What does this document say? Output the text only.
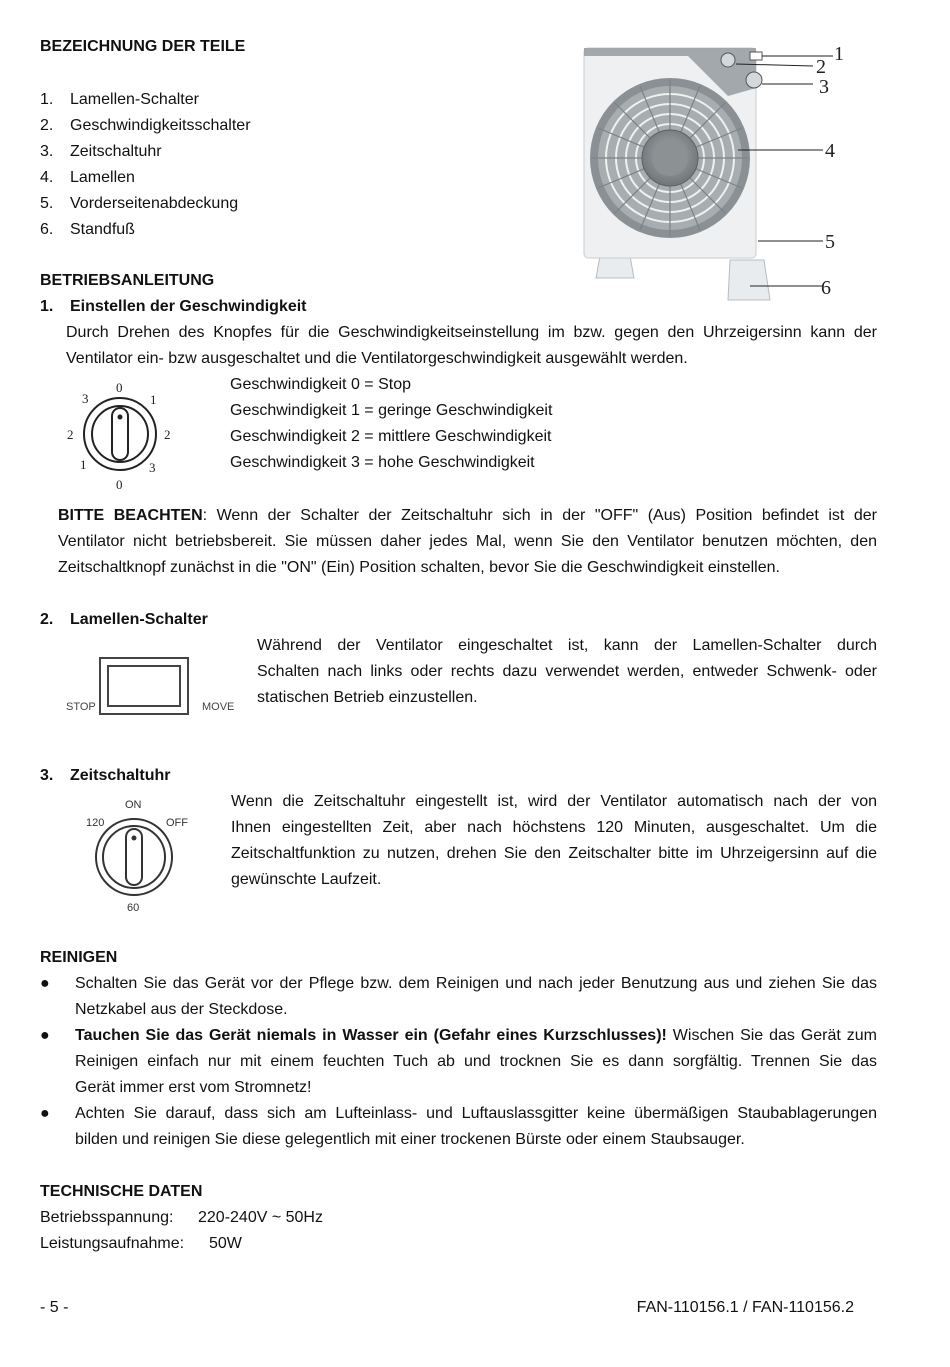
BEZEICHNUNG DER TEILE
1. Lamellen-Schalter
2. Geschwindigkeitsschalter
3. Zeitschaltuhr
4. Lamellen
5. Vorderseitenabdeckung
6. Standfuß
1
2
3
4
5
6
BETRIEBSANLEITUNG
1. Einstellen der Geschwindigkeit
Durch Drehen des Knopfes für die Geschwindigkeitseinstellung im bzw. gegen den Uhrzeigersinn kann der
Ventilator ein- bzw ausgeschaltet und die Ventilatorgeschwindigkeit ausgewählt werden.
0
1
2
3
0
1
2
3
Geschwindigkeit 0 = Stop
Geschwindigkeit 1 = geringe Geschwindigkeit
Geschwindigkeit 2 = mittlere Geschwindigkeit
Geschwindigkeit 3 = hohe Geschwindigkeit
BITTE BEACHTEN: Wenn der Schalter der Zeitschaltuhr sich in der "OFF" (Aus) Position befindet ist der
Ventilator nicht betriebsbereit. Sie müssen daher jedes Mal, wenn Sie den Ventilator benutzen möchten, den
Zeitschaltknopf zunächst in die "ON" (Ein) Position schalten, bevor Sie die Geschwindigkeit einstellen.
2. Lamellen-Schalter
STOP	MOVE
Während der Ventilator eingeschaltet ist, kann der Lamellen-Schalter durch
Schalten nach links oder rechts dazu verwendet werden, entweder Schwenk- oder
statischen Betrieb einzustellen.
3. Zeitschaltuhr
ON
OFF
120
60
Wenn die Zeitschaltuhr eingestellt ist, wird der Ventilator automatisch nach der von
Ihnen eingestellten Zeit, aber nach höchstens 120 Minuten, ausgeschaltet. Um die
Zeitschaltfunktion zu nutzen, drehen Sie den Zeitschalter bitte im Uhrzeigersinn auf die
gewünschte Laufzeit.
REINIGEN
● Schalten Sie das Gerät vor der Pflege bzw. dem Reinigen und nach jeder Benutzung aus und ziehen Sie das
Netzkabel aus der Steckdose.
● Tauchen Sie das Gerät niemals in Wasser ein (Gefahr eines Kurzschlusses)! Wischen Sie das Gerät zum
Reinigen einfach nur mit einem feuchten Tuch ab und trocknen Sie es dann sorgfältig. Trennen Sie das
Gerät immer erst vom Stromnetz!
● Achten Sie darauf, dass sich am Lufteinlass- und Luftauslassgitter keine übermäßigen Staubablagerungen
bilden und reinigen Sie diese gelegentlich mit einer trockenen Bürste oder einem Staubsauger.
TECHNISCHE DATEN
Betriebsspannung: 220-240V ~ 50Hz
Leistungsaufnahme: 50W
- 5 -	FAN-110156.1 / FAN-110156.2
